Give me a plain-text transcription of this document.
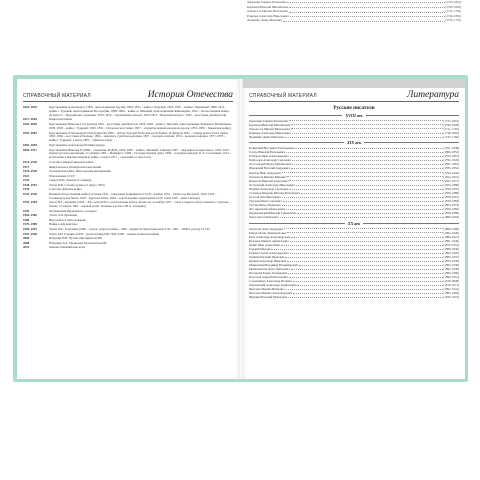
СПРАВОЧНЫЙ МАТЕРИАЛ	История Отечества
1801–1825	Царствование Александра I (1801, присоединение Грузии; 1804–1813 – война с Персией; 1805–1807 – войны с Францией; 1806–1812 – войны с Турцией, присоединение Бессарабии; 1808–1809 – война со Швецией, присоединение Финляндии; 1812 – Отечественная война, 26 августа – Бородинское сражение; 1813–1814 – заграничные походы; 1814–1815 – Венский конгресс; 1825 – восстание декабристов)
1817–1864	Кавказская война
1825–1855	Царствование Николая I (14 декабря 1825 – восстание декабристов; 1826–1828 – война с Персией, присоединение Эривани и Нахичевани; 1828–1829 – война с Турцией; 1830–1831 – Польское восстание; 1837 – открытие первой железной дороги; 1853–1856 – Крымская война)
1855–1881	Царствование Александра II Освободителя (1856 – начало Третьей Польской республики; 19 февраля 1861 – отмена крепостного права; 1863–1864 – восстание в Польше; 1864 – земская и судебная реформы; 1867 – продажа Аляски; 1874 – военная реформа; 1877–1878 – война с Турцией; 1 марта 1881 – убийство царя)
1881–1894	Царствование Александра III Миротворца
1894–1917	Царствование Николая II (1898 – основание РСДРП; 1904–1905 – война с Японией; 9 января 1905 – «Кровавое воскресенье»; 1905–1907 – первая русская революция; 17 октября 1905 – Манифест; 1906 – Государственная дума; 1906 – аграрная реформа П. А. Столыпина; 1914 – вступление в Первую мировую войну; 2 марта 1917 – отречение от престола)
1914–1918	Участие в Первой мировой войне
1917	Февральская и Октябрьская революции
1918–1920	Гражданская война. Иностранная интервенция
1922	Образование СССР
1924	Смерть В.И. Ленина (21 января)
1928–1953	Эпоха И.В. Сталина (умер в 5 марта 1953)
1939	Советско-финская война
1941–1945	Великая Отечественная война (22 июня 1941 – нападение Германии на СССР; декабрь 1941 – битва под Москвой; 1942–1943 – Сталинградская битва; 1943 – Курская битва; 1944 – освобождение территории СССР; 9 мая 1945 – День Победы)
1953–1964	Эпоха Н.С. Хрущёва (1956 – XX съезд КПСС, разоблачение культа личности; 4 октября 1957 – запуск первого искусственного спутника Земли; 12 апреля 1961 – первый полёт человека в космос Ю.А. Гагарина)
1955	Организация Варшавского договора
1964–1982	Эпоха Л.И. Брежнева
1968	Ввод войск в Чехословакию
1979–1989	Война в Афганистане
1985–1991	Эпоха М.С. Горбачёва (1985 – начало «перестройки»; 1986 – авария на Чернобыльской АЭС; 1991 – ГКЧП, распад СССР)
1991–1999	Эпоха Б.Н. Ельцина (1993 – Конституция РФ; 1994–1996 – первая чеченская война)
2000	Избрание В.В. Путина Президентом РФ
2008	Избрание Д.А. Медведева Президентом РФ
2014	Зимние Олимпийские игры
СПРАВОЧНЫЙ МАТЕРИАЛ	Литература
Русские писатели
XVIII век
Державин Гавриил Романович	(1743–1816)
Карамзин Николай Михайлович	(1766–1826)
Ломоносов Михаил Васильевич	(1711–1765)
Радищев Александр Николаевич	(1749–1802)
Фонвизин Денис Иванович	(1745–1792)
XIX век
Белинский Виссарион Григорьевич	(1811–1848)
Гоголь Николай Васильевич	(1809–1852)
Гончаров Иван Александрович	(1812–1891)
Грибоедов Александр Сергеевич	(1795–1829)
Достоевский Фёдор Михайлович	(1821–1881)
Жуковский Василий Андреевич	(1783–1852)
Крылов Иван Андреевич	(1769–1844)
Лермонтов Михаил Юрьевич	(1814–1841)
Некрасов Николай Алексеевич	(1821–1877)
Островский Александр Николаевич	(1823–1886)
Пушкин Александр Сергеевич	(1799–1837)
Салтыков-Щедрин Михаил Евграфович	(1826–1889)
Толстой Лев Николаевич	(1828–1910)
Тургенев Иван Сергеевич	(1818–1883)
Тютчев Фёдор Иванович	(1803–1873)
Фет Афанасий Афанасьевич	(1820–1892)
Чернышевский Николай Гаврилович	(1828–1889)
Чехов Антон Павлович	(1860–1904)
XX век
Ахматова Анна Андреевна	(1889–1966)
Бабель Исаак Эммануилович	(1894–1940)
Блок Александр Александрович	(1880–1921)
Булгаков Михаил Афанасьевич	(1891–1940)
Бунин Иван Алексеевич	(1870–1953)
Горький Максим	(1868–1936)
Есенин Сергей Александрович	(1895–1925)
Замятин Евгений Иванович	(1884–1937)
Куприн Александр Иванович	(1870–1938)
Маяковский Владимир Владимирович	(1893–1930)
Мандельштам Осип Эмильевич	(1891–1938)
Пастернак Борис Леонидович	(1890–1960)
Платонов Андрей Платонович	(1899–1951)
Солженицын Александр Исаевич	(1918–2008)
Твардовский Александр Трифонович	(1910–1971)
Цветаева Марина Ивановна	(1892–1941)
Шолохов Михаил Александрович	(1905–1984)
Шукшин Василий Макарович	(1929–1974)
Державин Гавриил Романович	(1743–1816)
Карамзин Николай Михайлович	(1766–1826)
Ломоносов Михаил Васильевич	(1711–1765)
Радищев Александр Николаевич	(1749–1802)
Фонвизин Денис Иванович	(1745–1792)
